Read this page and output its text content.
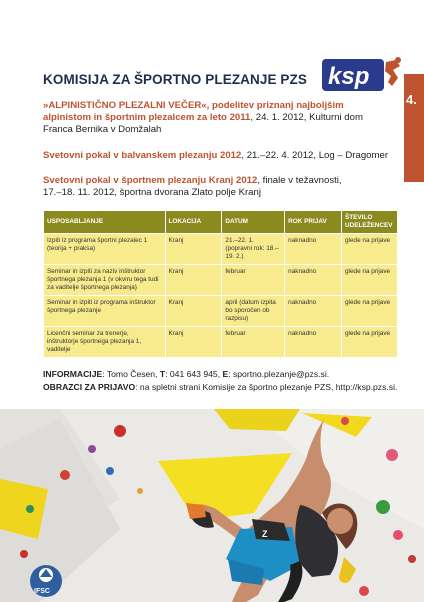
4.
ksp
KOMISIJA ZA ŠPORTNO PLEZANJE PZS
»ALPINISTIČNO PLEZALNI VEČER«, podelitev priznanj najboljšim alpinistom in športnim plezalcem za leto 2011, 24. 1. 2012, Kulturni dom Franca Bernika v Domžalah
Svetovni pokal v balvanskem plezanju 2012, 21.–22. 4. 2012, Log – Dragomer
Svetovni pokal v športnem plezanju Kranj 2012, finale v težavnosti,
17.–18. 11. 2012, športna dvorana Zlato polje Kranj
USPOSABLJANJE	LOKACIJA	DATUM	ROK PRIJAV	ŠTEVILO UDELEŽENCEV
Izpiti iz programa športni plezalec 1 (teorija + praksa)	Kranj	21.–22. 1. (popravni rok: 18.–19. 2.)	naknadno	glede na prijave
Seminar in izpiti za naziv inštruktor športnega plezanja 1 (v okviru tega tudi za vaditelje športnega plezanja)	Kranj	februar	naknadno	glede na prijave
Seminar in izpiti iz programa inštruktor športnega plezanje	Kranj	april (datum izpita bo sporočen ob razpisu)	naknadno	glede na prijave
Licenčni seminar za trenerje, inštruktorje športnega plezanja 1, vaditelje	Kranj	februar	naknadno	glede na prijave
INFORMACIJE: Tomo Česen, T: 041 643 945, E: sportno.plezanje@pzs.si.
OBRAZCI ZA PRIJAVO: na spletni strani Komisije za športno plezanje PZS, http://ksp.pzs.si.
Z
IFSC
